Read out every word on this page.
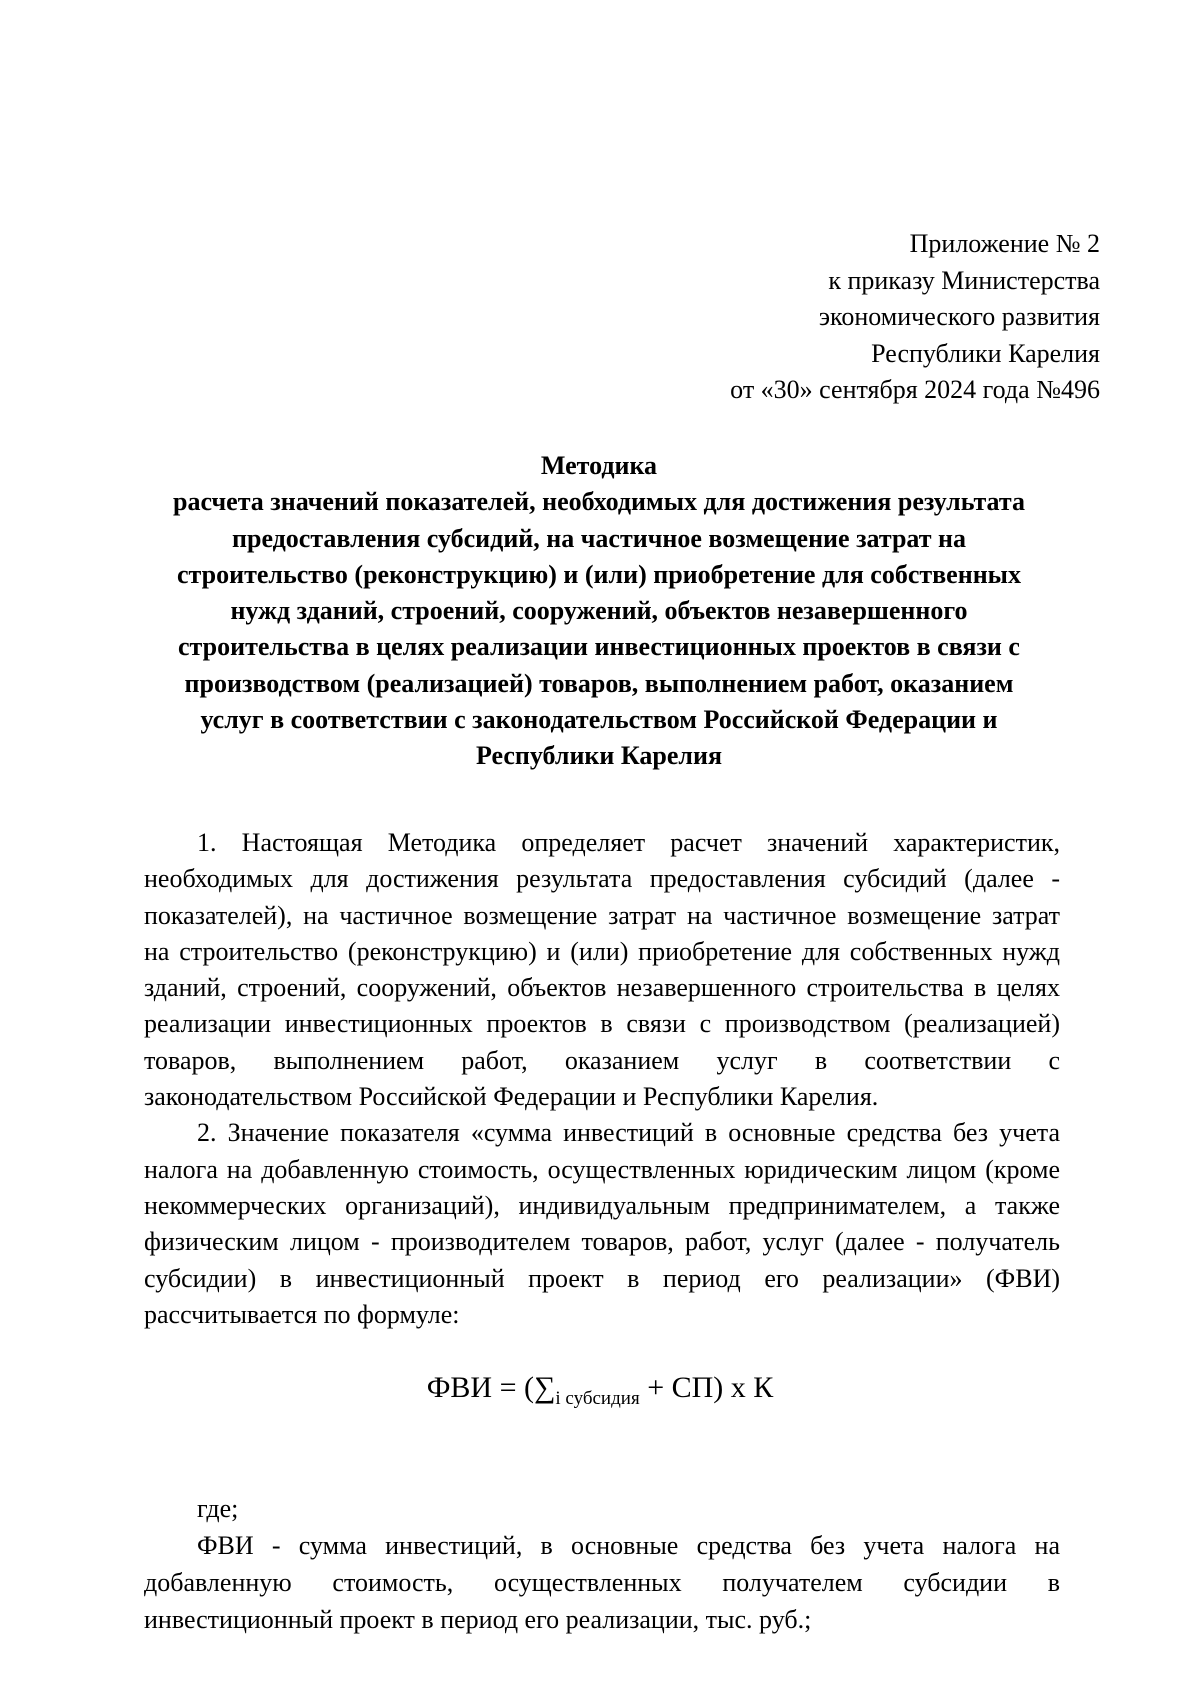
Приложение № 2
к приказу Министерства
экономического развития
Республики Карелия
от «30» сентября 2024 года №496
Методика
расчета значений показателей, необходимых для достижения результата
предоставления субсидий, на частичное возмещение затрат на
строительство (реконструкцию) и (или) приобретение для собственных
нужд зданий, строений, сооружений, объектов незавершенного
строительства в целях реализации инвестиционных проектов в связи с
производством (реализацией) товаров, выполнением работ, оказанием
услуг в соответствии с законодательством Российской Федерации и
Республики Карелия
1. Настоящая Методика определяет расчет значений характеристик,
необходимых для достижения результата предоставления субсидий (далее -
показателей), на частичное возмещение затрат на частичное возмещение затрат
на строительство (реконструкцию) и (или) приобретение для собственных нужд
зданий, строений, сооружений, объектов незавершенного строительства в целях
реализации инвестиционных проектов в связи с производством (реализацией)
товаров, выполнением работ, оказанием услуг в соответствии с
законодательством Российской Федерации и Республики Карелия.
2. Значение показателя «сумма инвестиций в основные средства без учета
налога на добавленную стоимость, осуществленных юридическим лицом (кроме
некоммерческих организаций), индивидуальным предпринимателем, а также
физическим лицом - производителем товаров, работ, услуг (далее - получатель
субсидии) в инвестиционный проект в период его реализации» (ФВИ)
рассчитывается по формуле:
ФВИ = $(\sum_{i субсидия} + СП)$ х К
где;
ФВИ - сумма инвестиций, в основные средства без учета налога на
добавленную стоимость, осуществленных получателем субсидии в
инвестиционный проект в период его реализации, тыс. руб.;
